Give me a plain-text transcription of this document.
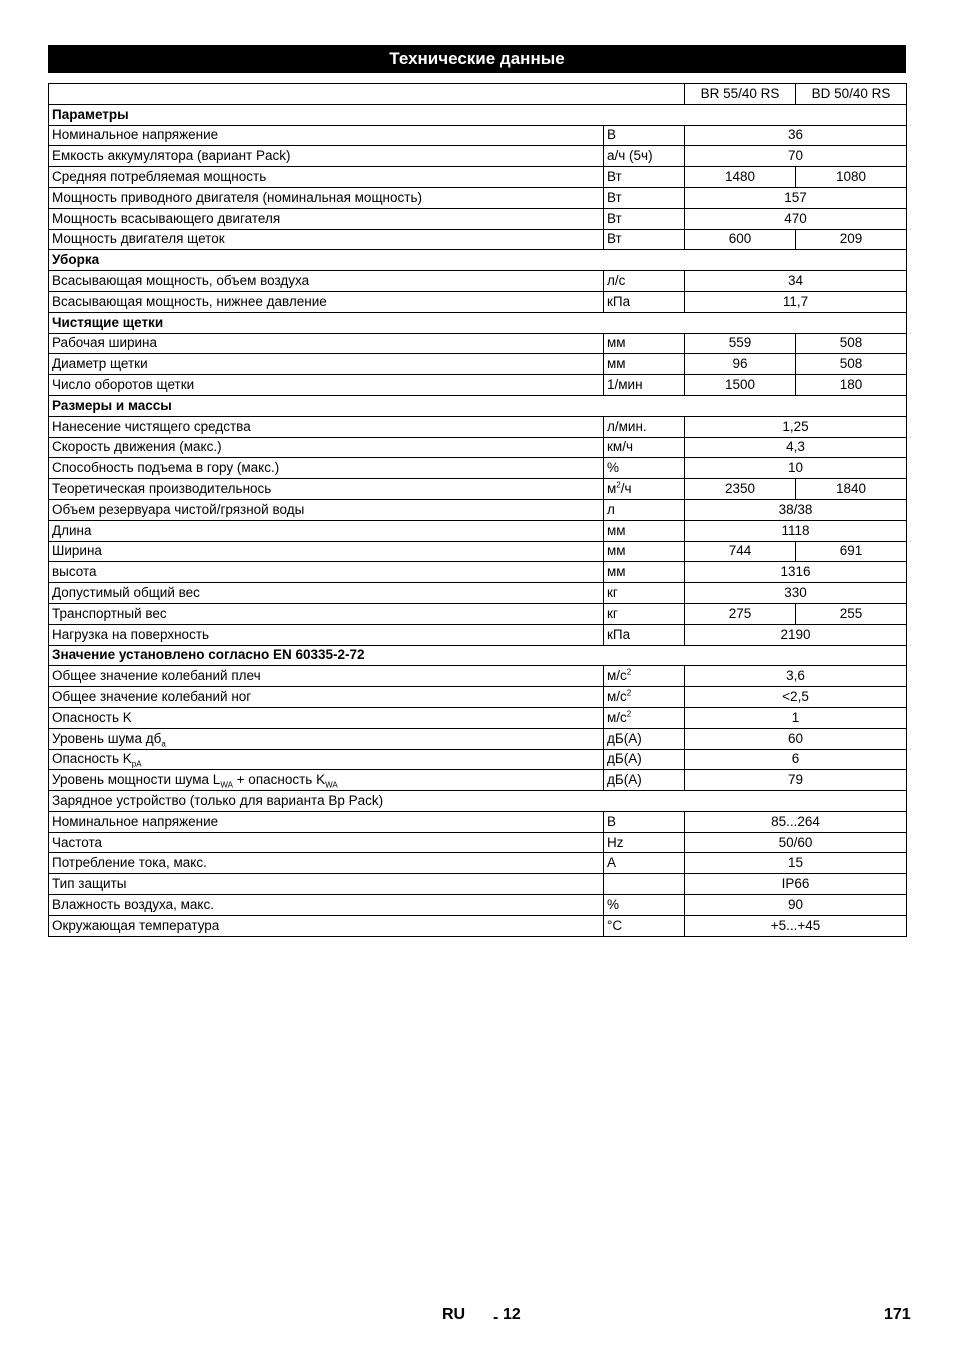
Технические данные
		BR 55/40 RS	BD 50/40 RS
Параметры			
Номинальное напряжение	В	36	
Емкость аккумулятора (вариант Pack)	а/ч (5ч)	70	
Средняя потребляемая мощность	Вт	1480	1080
Мощность приводного двигателя (номинальная мощность)	Вт	157	
Мощность всасывающего двигателя	Вт	470	
Мощность двигателя щеток	Вт	600	209
Уборка			
Всасывающая мощность, объем воздуха	л/с	34	
Всасывающая мощность, нижнее давление	кПа	11,7	
Чистящие щетки			
Рабочая ширина	мм	559	508
Диаметр щетки	мм	96	508
Число оборотов щетки	1/мин	1500	180
Размеры и массы			
Нанесение чистящего средства	л/мин.	1,25	
Скорость движения (макс.)	км/ч	4,3	
Способность подъема в гору (макс.)	%	10	
Теоретическая производительнось	$м^2/ч$	2350	1840
Объем резервуара чистой/грязной воды	л	38/38	
Длина	мм	1118	
Ширина	мм	744	691
высота	мм	1316	
Допустимый общий вес	кг	330	
Транспортный вес	кг	275	255
Нагрузка на поверхность	кПа	2190	
Значение установлено согласно EN 60335-2-72			
Общее значение колебаний плеч	$м/с^2$	3,6	
Общее значение колебаний ног	$м/с^2$	<2,5	
Опасность K	$м/с^2$	1	
Уровень шума $дб_a$	дБ(A)	60	
Опасность $K_{pA}$	дБ(A)	6	
Уровень мощности шума $L_{WA}$ + опасность $K_{WA}$	дБ(A)	79	
Зарядное устройство (только для варианта Bp Pack)			
Номинальное напряжение	В	85...264	
Частота	Hz	50/60	
Потребление тока, макс.	A	15	
Тип защиты		IP66	
Влажность воздуха, макс.	%	90	
Окружающая температура	°C	+5...+45	
RU - 12	171
